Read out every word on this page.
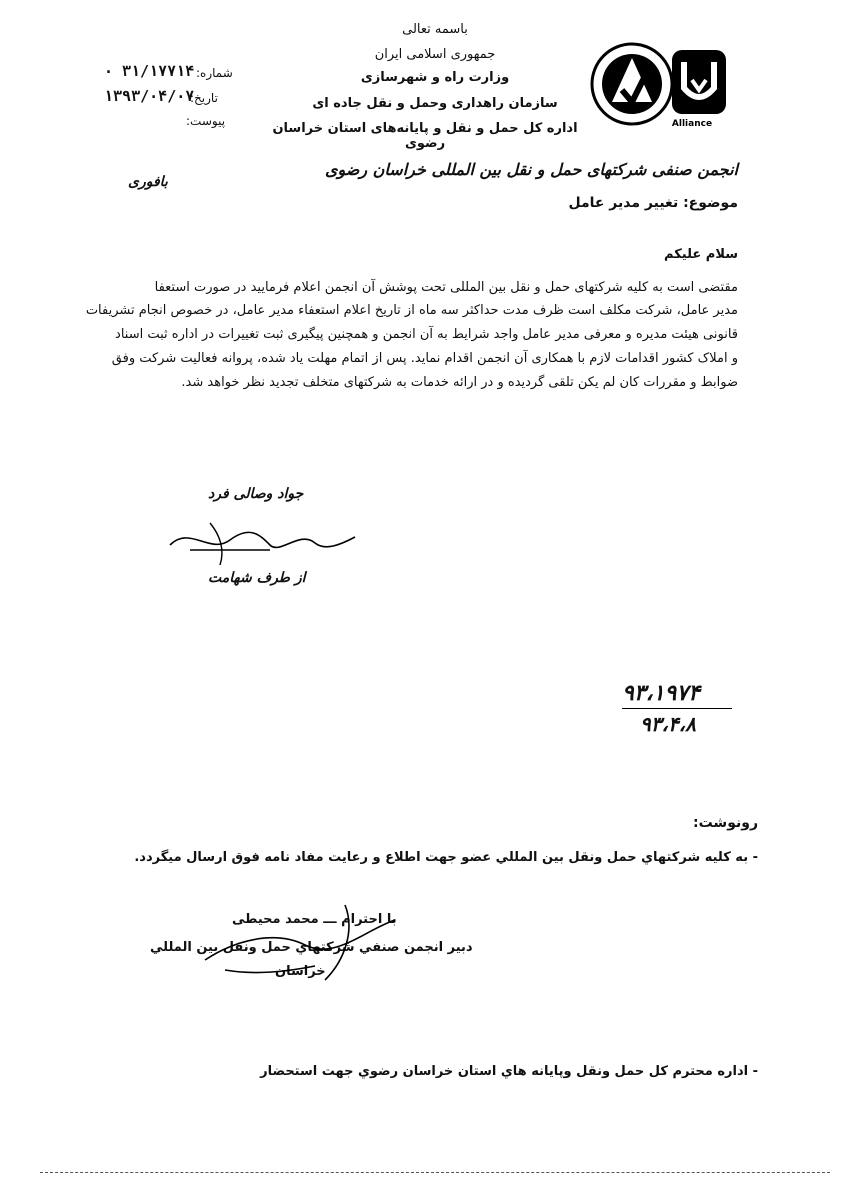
Alliance
باسمه تعالی
جمهوری اسلامی ایران
وزارت راه و شهرسازی
سازمان راهداری وحمل و نقل جاده ای
اداره کل حمل و نقل و پایانه‌های استان خراسان رضوی
شماره:
۳۱/۱۷۷۱۴
۰
تاریخ:
۱۳۹۳/۰۴/۰۷
پیوست:
انجمن صنفی شرکتهای حمل و نقل بین المللی خراسان رضوی
بافوری
موضوع: تغییر مدیر عامل
سلام علیکم
مقتضی است به کلیه شرکتهای حمل و نقل بین المللی تحت پوشش آن انجمن اعلام فرمایید در صورت استعفا
مدیر عامل، شرکت مکلف است ظرف مدت حداکثر سه ماه از تاریخ اعلام استعفاء مدیر عامل، در خصوص انجام تشریفات
قانونی هیئت مدیره و معرفی مدیر عامل واجد شرایط به آن انجمن و همچنین پیگیری ثبت تغییرات در اداره ثبت اسناد
و املاک کشور اقدامات لازم با همکاری آن انجمن اقدام نماید. پس از اتمام مهلت یاد شده، پروانه فعالیت شرکت وفق
ضوابط و مقررات کان لم یکن تلقی گردیده و در ارائه خدمات به شرکتهای متخلف تجدید نظر خواهد شد.
جواد وصالی فرد
از طرف شهامت
۹۳،۱۹۷۴
۹۳،۴،۸
رونوشت:
- به كليه شركتهاي حمل ونقل بين المللي عضو جهت اطلاع و رعايت مفاد نامه فوق ارسال ميگردد.
با احترام ـــ محمد محیطی
دبير انجمن صنفي شركتهاي حمل ونقل بين المللي
خراسان
- اداره محترم كل حمل ونقل وپايانه هاي استان خراسان رضوي جهت استحضار
